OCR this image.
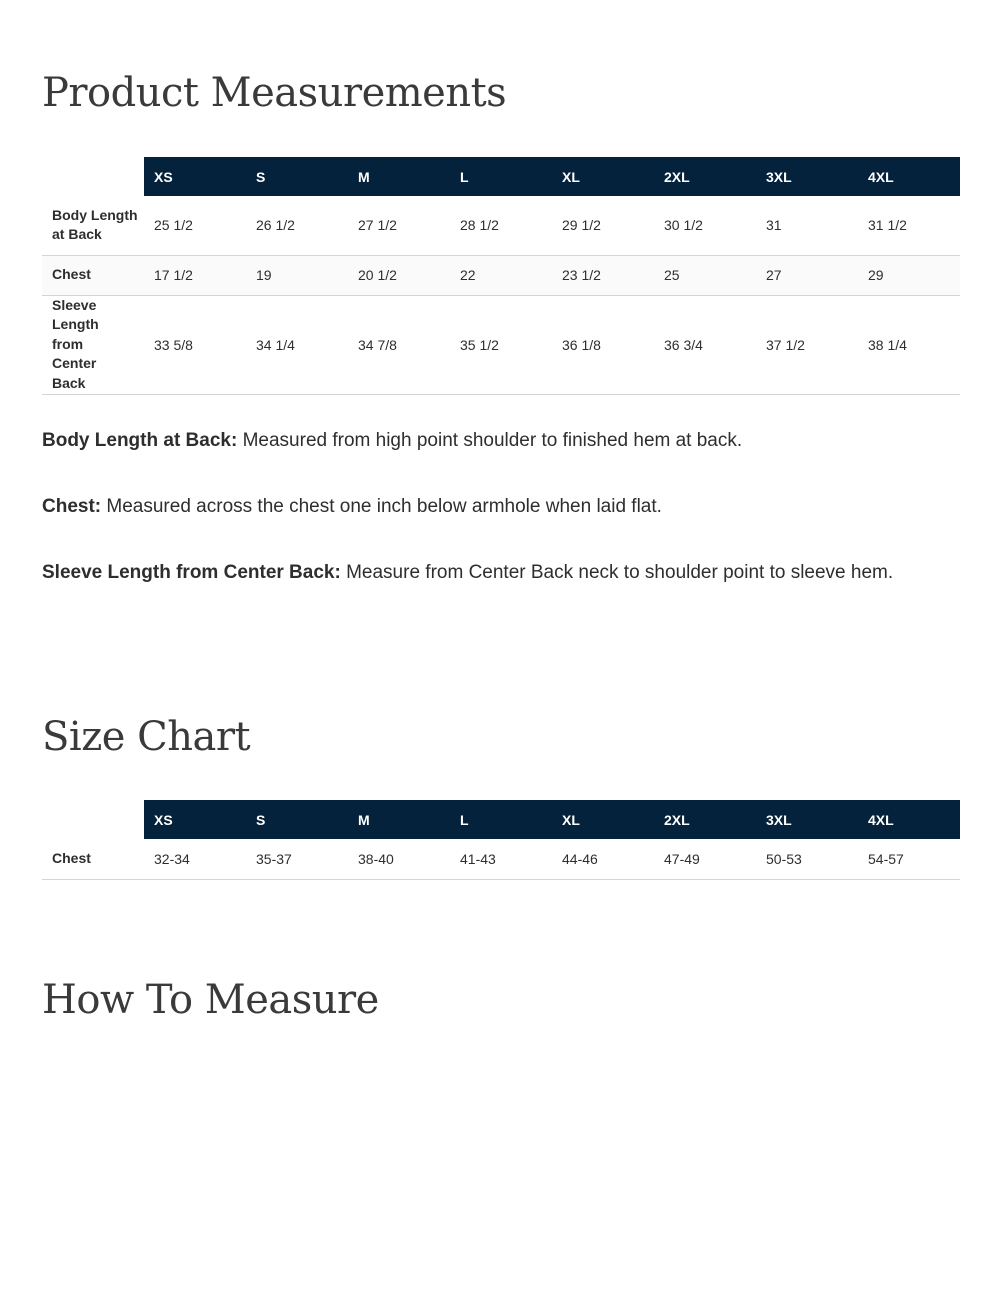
Product Measurements
	XS	S	M	L	XL	2XL	3XL	4XL
Body Length at Back	25 1/2	26 1/2	27 1/2	28 1/2	29 1/2	30 1/2	31	31 1/2
Chest	17 1/2	19	20 1/2	22	23 1/2	25	27	29
Sleeve Length from Center Back	33 5/8	34 1/4	34 7/8	35 1/2	36 1/8	36 3/4	37 1/2	38 1/4

Body Length at Back: Measured from high point shoulder to finished hem at back.

Chest: Measured across the chest one inch below armhole when laid flat.

Sleeve Length from Center Back: Measure from Center Back neck to shoulder point to sleeve hem.

Size Chart
	XS	S	M	L	XL	2XL	3XL	4XL
Chest	32-34	35-37	38-40	41-43	44-46	47-49	50-53	54-57
How To Measure
